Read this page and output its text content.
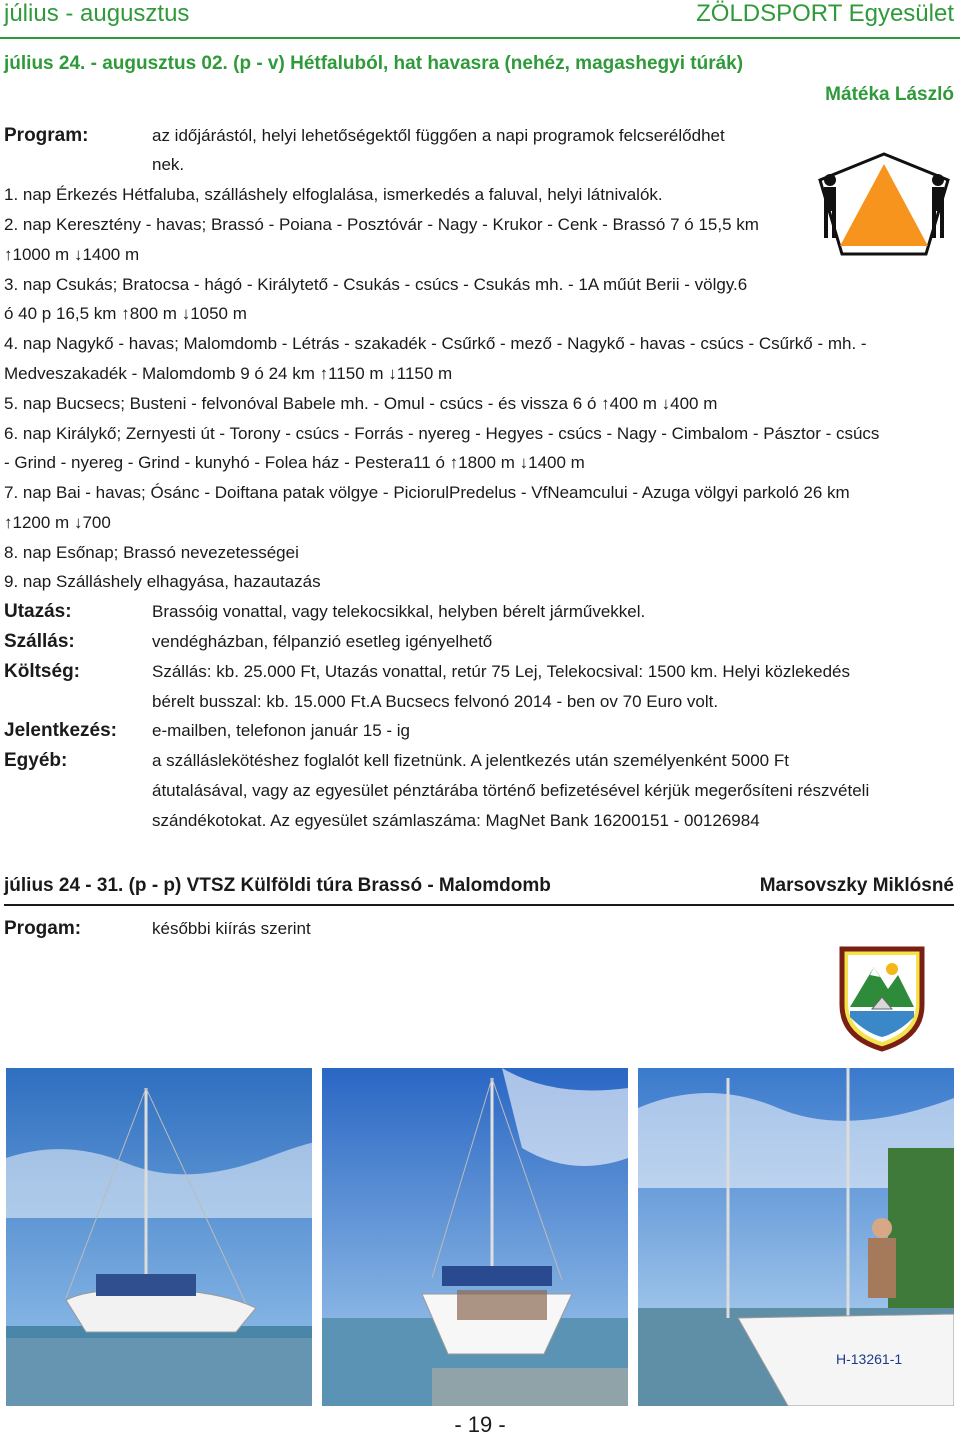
július - augusztus	ZÖLDSPORT Egyesület
július 24. - augusztus 02. (p - v) Hétfaluból, hat havasra (nehéz, magashegyi túrák)
Mátéka László
Program:	az időjárástól, helyi lehetőségektől függően a napi programok felcserélődhet
nek.
1. nap Érkezés Hétfaluba, szálláshely elfoglalása, ismerkedés a faluval, helyi látnivalók.
2. nap Keresztény - havas; Brassó - Poiana - Posztóvár - Nagy - Krukor - Cenk - Brassó 7 ó 15,5 km
↑1000 m ↓1400 m
3. nap Csukás; Bratocsa - hágó - Királytető - Csukás - csúcs - Csukás mh. - 1A műút Berii - völgy.6
ó 40 p 16,5 km ↑800 m ↓1050 m
4. nap Nagykő - havas; Malomdomb - Létrás - szakadék - Csűrkő - mező - Nagykő - havas - csúcs - Csűrkő - mh. -
Medveszakadék - Malomdomb 9 ó 24 km ↑1150 m ↓1150 m
5. nap Bucsecs; Busteni - felvonóval Babele mh. - Omul - csúcs - és vissza 6 ó ↑400 m ↓400 m
6. nap Királykő; Zernyesti út - Torony - csúcs - Forrás - nyereg - Hegyes - csúcs - Nagy - Cimbalom - Pásztor - csúcs
- Grind - nyereg - Grind - kunyhó - Folea ház - Pestera11 ó ↑1800 m ↓1400 m
7. nap Bai - havas; Ósánc - Doiftana patak völgye - PiciorulPredelus - VfNeamcului - Azuga völgyi parkoló 26 km
↑1200 m ↓700
8. nap Esőnap; Brassó nevezetességei
9. nap Szálláshely elhagyása, hazautazás
Utazás:	Brassóig vonattal, vagy telekocsikkal, helyben bérelt járművekkel.
Szállás:	vendégházban, félpanzió esetleg igényelhető
Költség:	Szállás: kb. 25.000 Ft, Utazás vonattal, retúr 75 Lej, Telekocsival: 1500 km. Helyi közlekedés
bérelt busszal: kb. 15.000 Ft.A Bucsecs felvonó 2014 - ben ov 70 Euro volt.
Jelentkezés: e-mailben, telefonon január 15 - ig
Egyéb:	a szálláslekötéshez foglalót kell fizetnünk. A jelentkezés után személyenként 5000 Ft
átutalásával, vagy az egyesület pénztárába történő befizetésével kérjük megerősíteni részvételi
szándékotokat. Az egyesület számlaszáma: MagNet Bank 16200151 - 00126984
július 24 - 31. (p - p) VTSZ Külföldi túra Brassó - Malomdomb	Marsovszky Miklósné
Progam:	későbbi kiírás szerint
H-13261-1
- 19 -
